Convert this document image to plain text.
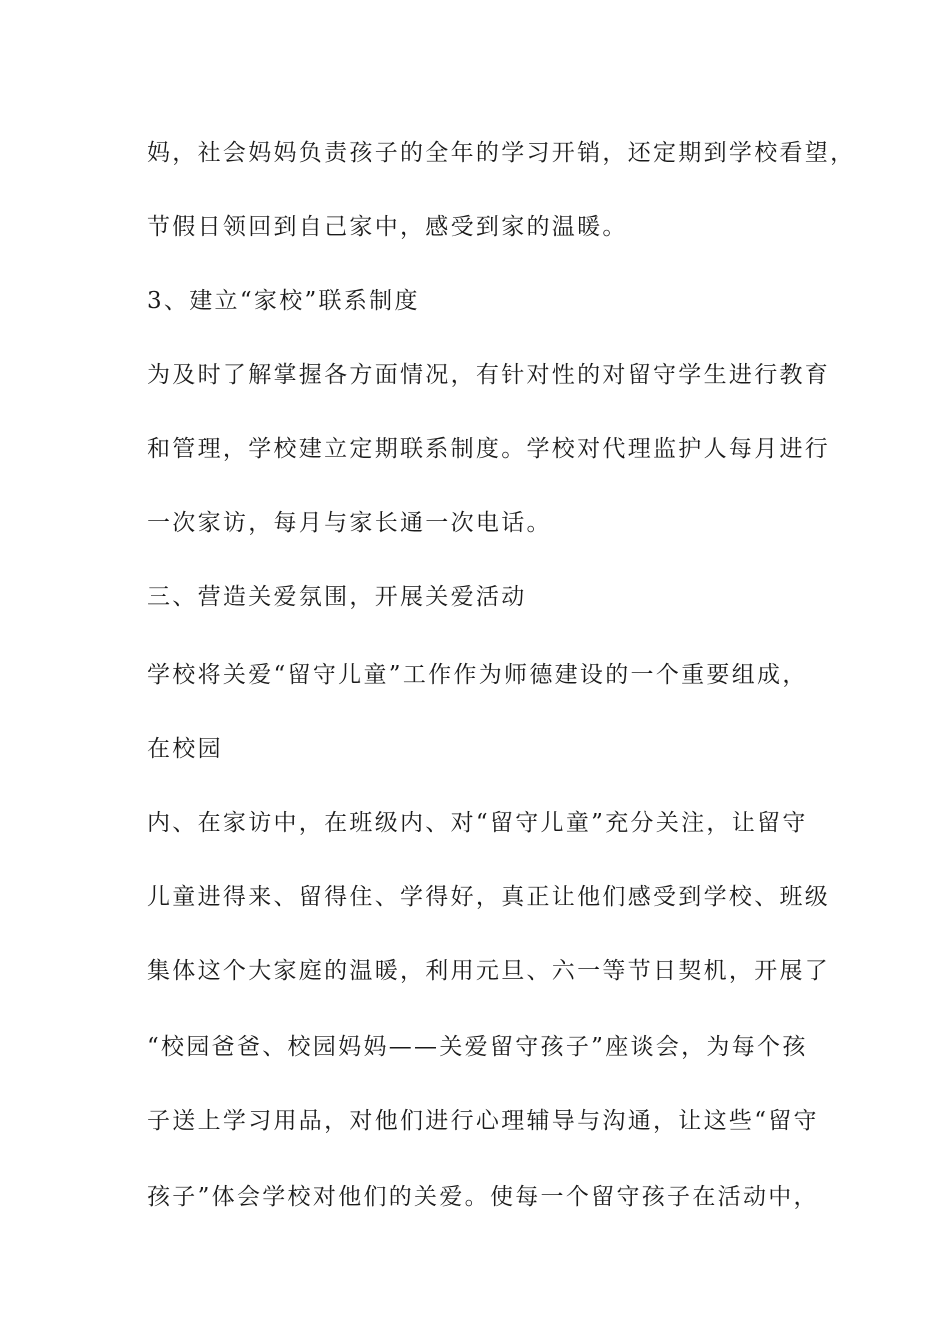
妈，社会妈妈负责孩子的全年的学习开销，还定期到学校看望，
节假日领回到自己家中，感受到家的温暖。
3、建立“家校”联系制度
为及时了解掌握各方面情况，有针对性的对留守学生进行教育
和管理，学校建立定期联系制度。学校对代理监护人每月进行
一次家访，每月与家长通一次电话。
三、营造关爱氛围，开展关爱活动
学校将关爱“留守儿童”工作作为师德建设的一个重要组成，
在校园
内、在家访中，在班级内、对“留守儿童”充分关注，让留守
儿童进得来、留得住、学得好，真正让他们感受到学校、班级
集体这个大家庭的温暖，利用元旦、六一等节日契机，开展了
“校园爸爸、校园妈妈——关爱留守孩子”座谈会，为每个孩
子送上学习用品，对他们进行心理辅导与沟通，让这些“留守
孩子”体会学校对他们的关爱。使每一个留守孩子在活动中，
